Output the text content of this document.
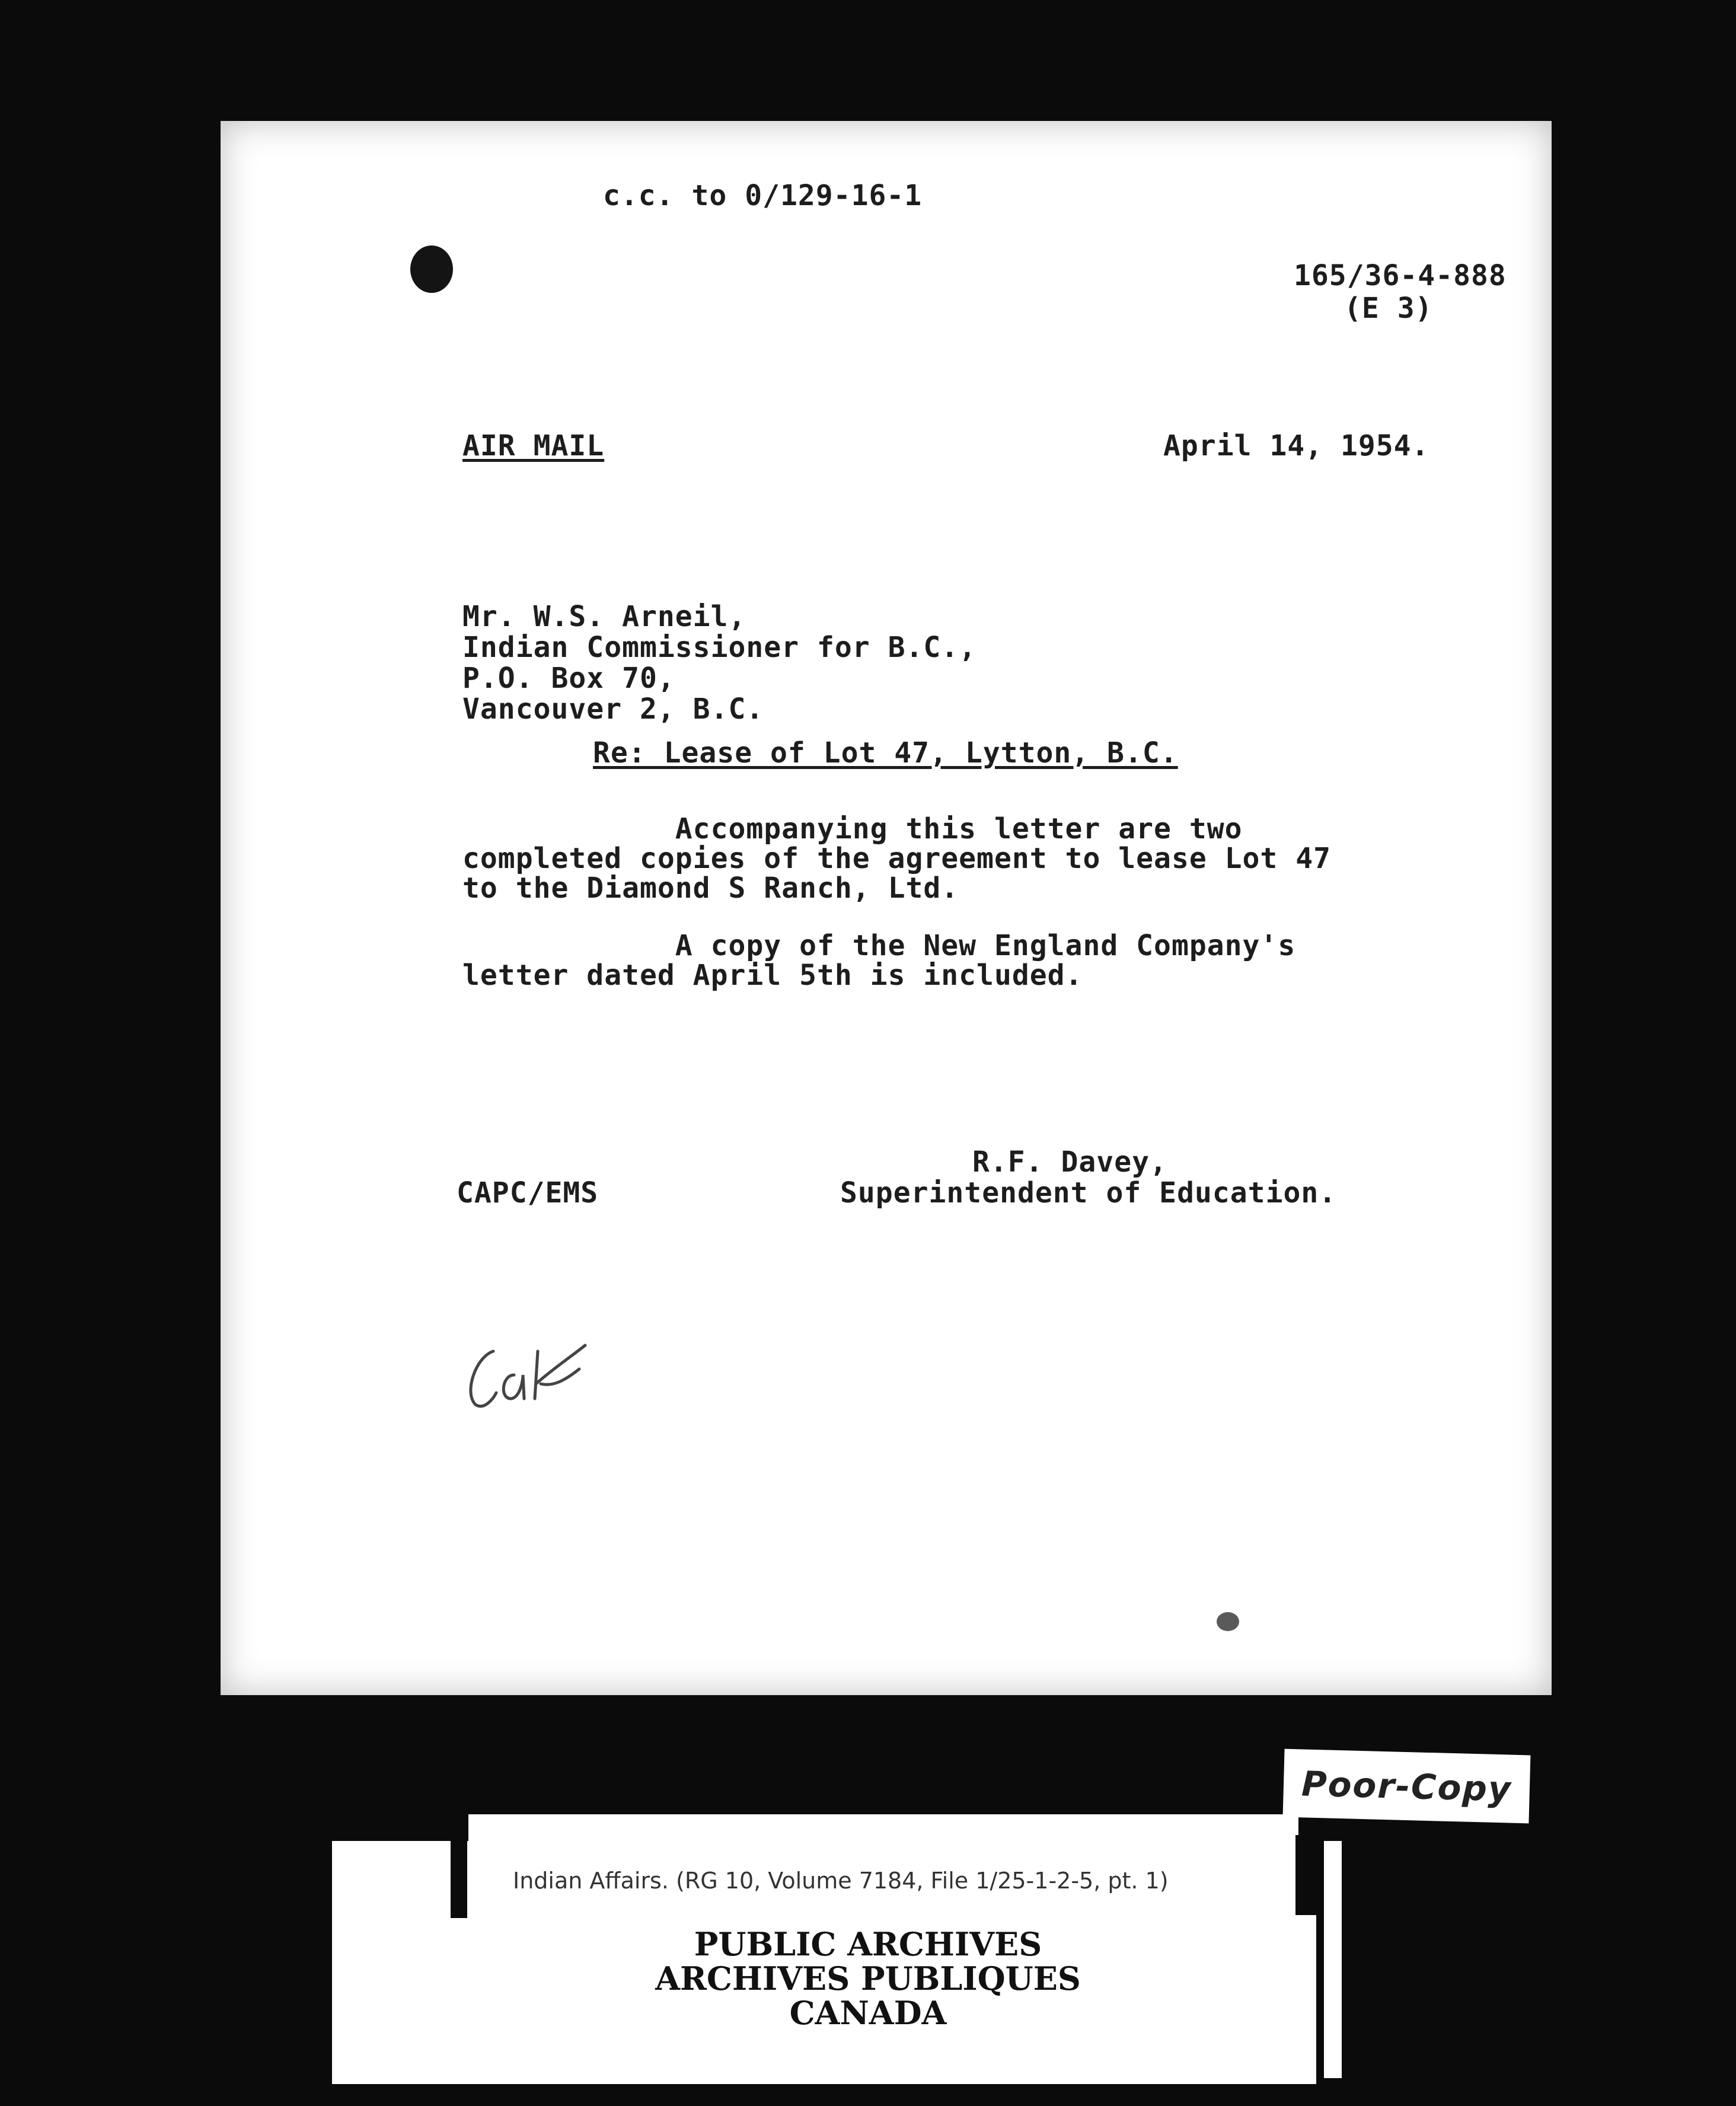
c.c. to 0/129-16-1
165/36-4-888
(E 3)
AIR MAIL	April 14, 1954.
Mr. W.S. Arneil,
Indian Commissioner for B.C.,
P.O. Box 70,
Vancouver 2, B.C.
Re: Lease of Lot 47, Lytton, B.C.
Accompanying this letter are two
completed copies of the agreement to lease Lot 47
to the Diamond S Ranch, Ltd.
A copy of the New England Company's
letter dated April 5th is included.
R.F. Davey,
Superintendent of Education.
CAPC/EMS
Poor-Copy
Indian Affairs. (RG 10, Volume 7184, File 1/25-1-2-5, pt. 1)
PUBLIC ARCHIVES
ARCHIVES PUBLIQUES
CANADA
